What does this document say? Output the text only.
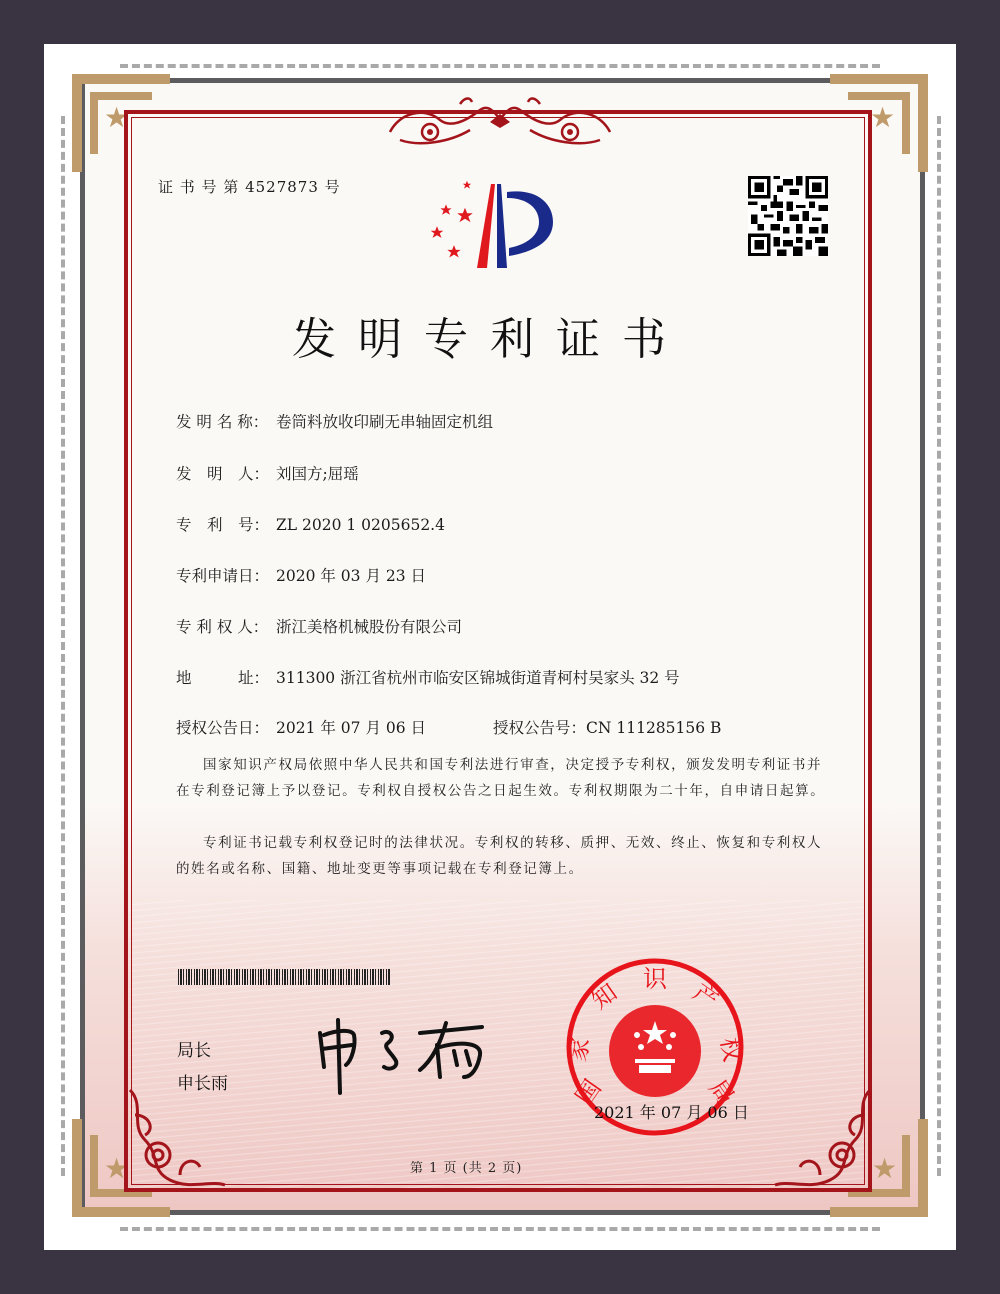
★	★
★	★
证 书 号 第 4527873 号
发明专利证书
发 明 名 称： 卷筒料放收印刷无串轴固定机组
发　明　人： 刘国方;屈瑶
专　利　号： ZL 2020 1 0205652.4
专利申请日： 2020 年 03 月 23 日
专 利 权 人： 浙江美格机械股份有限公司
地　　　址： 311300 浙江省杭州市临安区锦城街道青柯村吴家头 32 号
授权公告日： 2021 年 07 月 06 日	授权公告号：CN 111285156 B
国家知识产权局依照中华人民共和国专利法进行审查，决定授予专利权，颁发发明专利证书并在专利登记簿上予以登记。专利权自授权公告之日起生效。专利权期限为二十年，自申请日起算。
专利证书记载专利权登记时的法律状况。专利权的转移、质押、无效、终止、恢复和专利权人的姓名或名称、国籍、地址变更等事项记载在专利登记簿上。
局长
申长雨	国
家
知 识 产
权
局
2021 年 07 月 06 日
第 1 页 (共 2 页)
